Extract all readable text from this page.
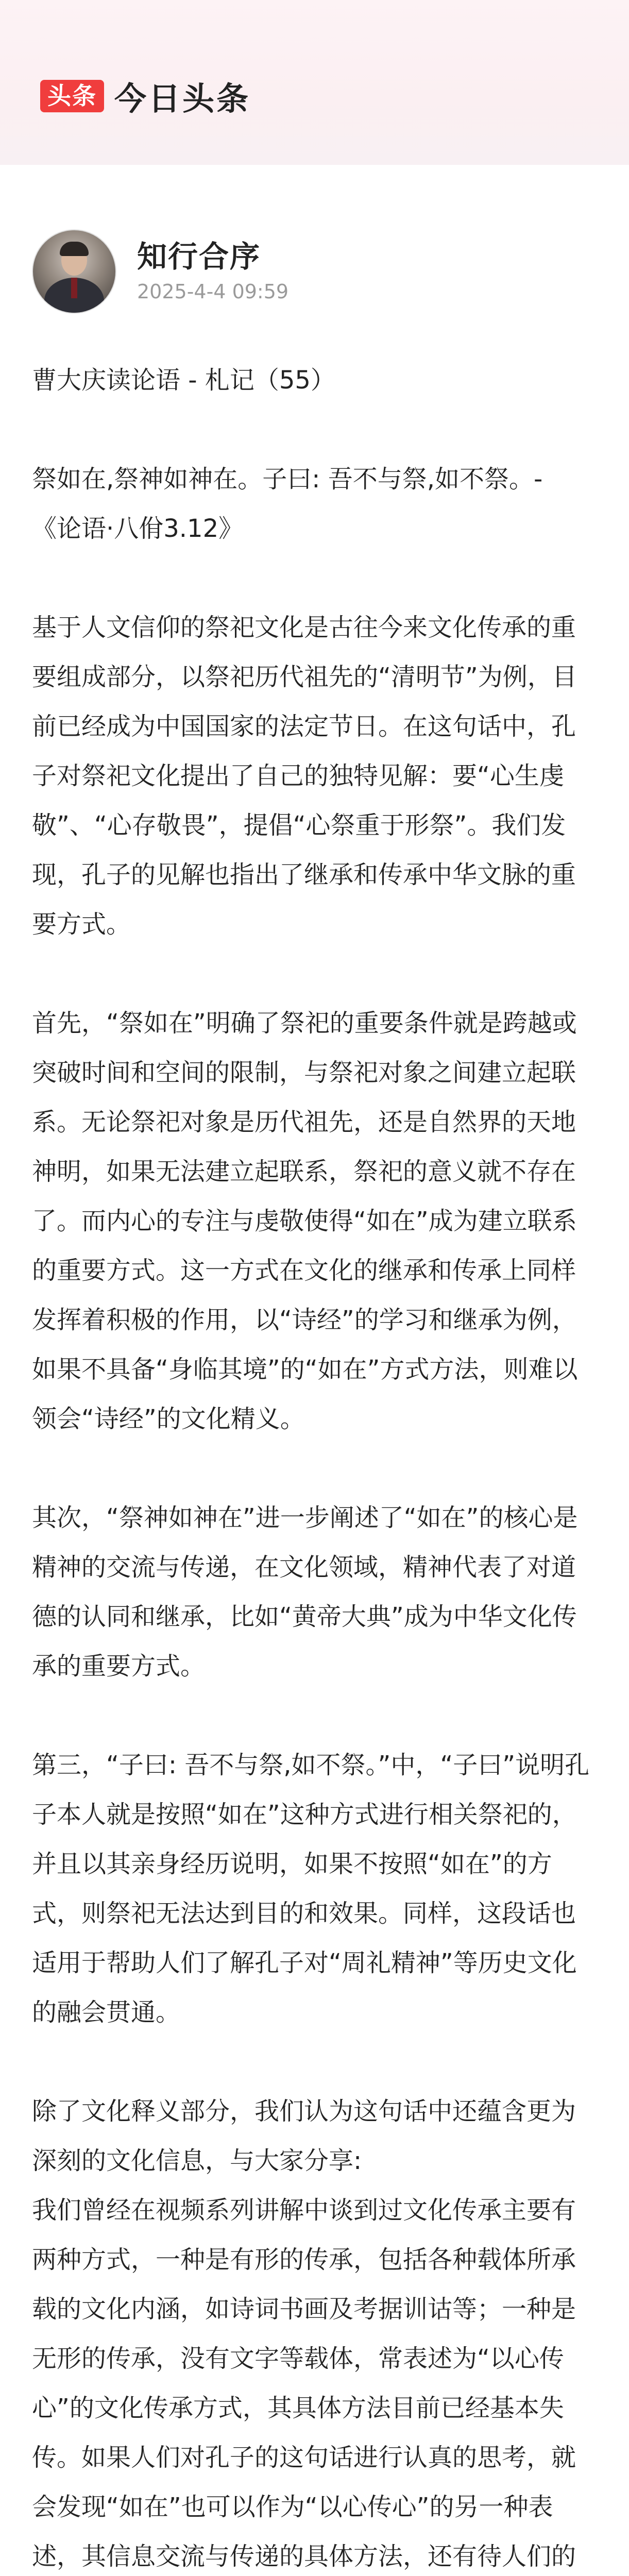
头条 今日头条
知行合序
2025-4-4 09:59

曹大庆读论语 - 札记（55）

祭如在,祭神如神在。子曰: 吾不与祭,如不祭。- 《论语·八佾3.12》

基于人文信仰的祭祀文化是古往今来文化传承的重要组成部分，以祭祀历代祖先的“清明节”为例，目前已经成为中国国家的法定节日。在这句话中，孔子对祭祀文化提出了自己的独特见解：要“心生虔敬”、“心存敬畏”，提倡“心祭重于形祭”。我们发现，孔子的见解也指出了继承和传承中华文脉的重要方式。

首先，“祭如在”明确了祭祀的重要条件就是跨越或突破时间和空间的限制，与祭祀对象之间建立起联系。无论祭祀对象是历代祖先，还是自然界的天地神明，如果无法建立起联系，祭祀的意义就不存在了。而内心的专注与虔敬使得“如在”成为建立联系的重要方式。这一方式在文化的继承和传承上同样发挥着积极的作用，以“诗经”的学习和继承为例，如果不具备“身临其境”的“如在”方式方法，则难以领会“诗经”的文化精义。

其次，“祭神如神在”进一步阐述了“如在”的核心是精神的交流与传递，在文化领域，精神代表了对道德的认同和继承，比如“黄帝大典”成为中华文化传承的重要方式。

第三，“子曰: 吾不与祭,如不祭。”中，“子曰”说明孔子本人就是按照“如在”这种方式进行相关祭祀的，并且以其亲身经历说明，如果不按照“如在”的方式，则祭祀无法达到目的和效果。同样，这段话也适用于帮助人们了解孔子对“周礼精神”等历史文化的融会贯通。

除了文化释义部分，我们认为这句话中还蕴含更为深刻的文化信息，与大家分享:

我们曾经在视频系列讲解中谈到过文化传承主要有两种方式，一种是有形的传承，包括各种载体所承载的文化内涵，如诗词书画及考据训诂等；一种是无形的传承，没有文字等载体，常表述为“以心传心”的文化传承方式，其具体方法目前已经基本失传。如果人们对孔子的这句话进行认真的思考，就会发现“如在”也可以作为“以心传心”的另一种表述，其信息交流与传递的具体方法，还有待人们的
